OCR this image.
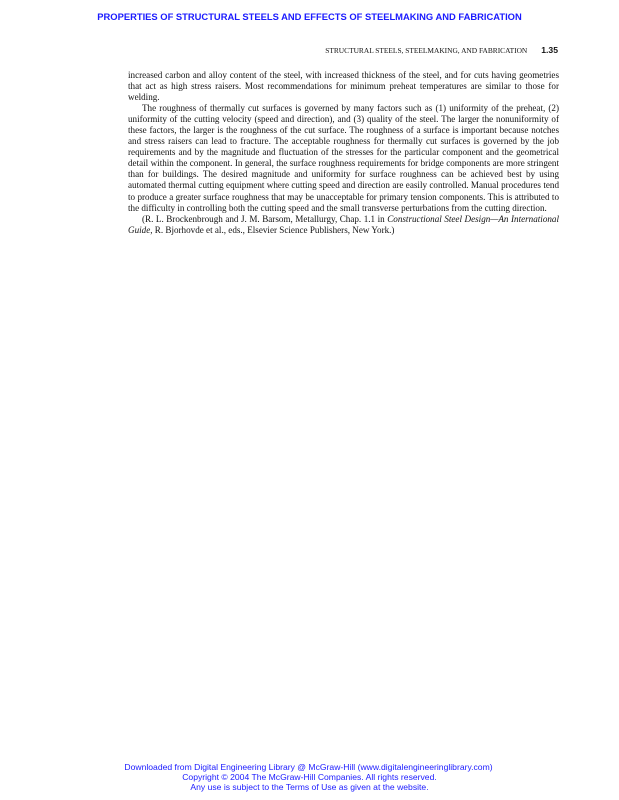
PROPERTIES OF STRUCTURAL STEELS AND EFFECTS OF STEELMAKING AND FABRICATION
STRUCTURAL STEELS, STEELMAKING, AND FABRICATION 1.35

increased carbon and alloy content of the steel, with increased thickness of the steel, and for cuts having geometries that act as high stress raisers. Most recommendations for minimum preheat temperatures are similar to those for welding.

The roughness of thermally cut surfaces is governed by many factors such as (1) uniformity of the preheat, (2) uniformity of the cutting velocity (speed and direction), and (3) quality of the steel. The larger the nonuniformity of these factors, the larger is the roughness of the cut surface. The roughness of a surface is important because notches and stress raisers can lead to fracture. The acceptable roughness for thermally cut surfaces is governed by the job requirements and by the magnitude and fluctuation of the stresses for the particular component and the geometrical detail within the component. In general, the surface roughness requirements for bridge components are more stringent than for buildings. The desired magnitude and uniformity for surface roughness can be achieved best by using automated thermal cutting equipment where cutting speed and direction are easily controlled. Manual procedures tend to produce a greater surface roughness that may be unacceptable for primary tension components. This is attributed to the difficulty in controlling both the cutting speed and the small transverse perturbations from the cutting direction.

(R. L. Brockenbrough and J. M. Barsom, Metallurgy, Chap. 1.1 in Constructional Steel Design—An International Guide, R. Bjorhovde et al., eds., Elsevier Science Publishers, New York.)

Downloaded from Digital Engineering Library @ McGraw-Hill (www.digitalengineeringlibrary.com)
Copyright © 2004 The McGraw-Hill Companies. All rights reserved.
Any use is subject to the Terms of Use as given at the website.
